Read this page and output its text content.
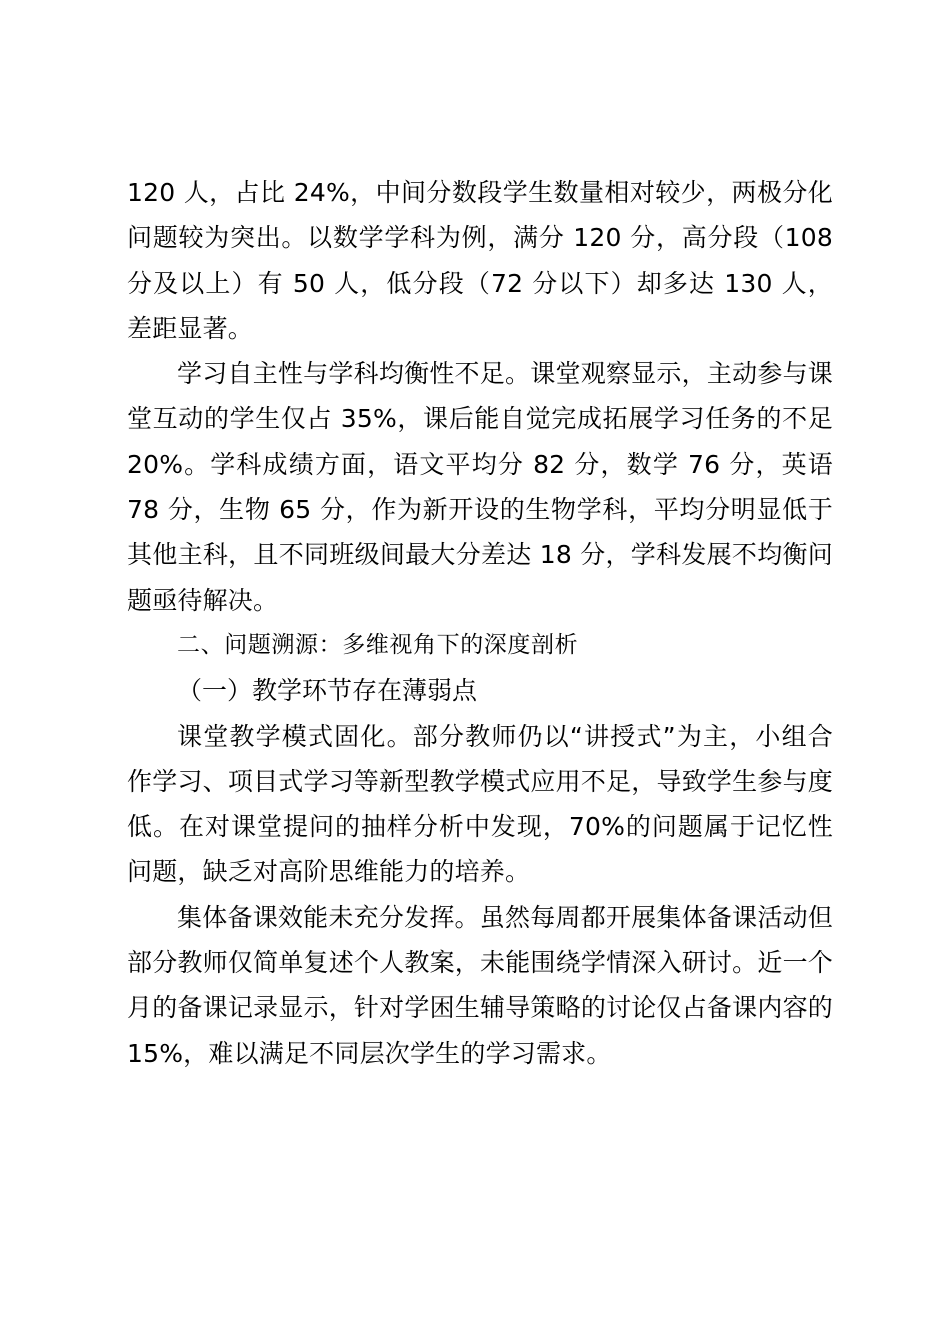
120 人，占比 24%，中间分数段学生数量相对较少，两极分化问题较为突出。以数学学科为例，满分 120 分，高分段（108分及以上）有 50 人，低分段（72 分以下）却多达 130 人，差距显著。

学习自主性与学科均衡性不足。课堂观察显示，主动参与课堂互动的学生仅占 35%，课后能自觉完成拓展学习任务的不足 20%。学科成绩方面，语文平均分 82 分，数学 76 分，英语 78 分，生物 65 分，作为新开设的生物学科，平均分明显低于其他主科，且不同班级间最大分差达 18 分，学科发展不均衡问题亟待解决。

二、问题溯源：多维视角下的深度剖析

（一）教学环节存在薄弱点

课堂教学模式固化。部分教师仍以“讲授式”为主，小组合作学习、项目式学习等新型教学模式应用不足，导致学生参与度低。在对课堂提问的抽样分析中发现，70%的问题属于记忆性问题，缺乏对高阶思维能力的培养。

集体备课效能未充分发挥。虽然每周都开展集体备课活动但部分教师仅简单复述个人教案，未能围绕学情深入研讨。近一个月的备课记录显示，针对学困生辅导策略的讨论仅占备课内容的 15%，难以满足不同层次学生的学习需求。
